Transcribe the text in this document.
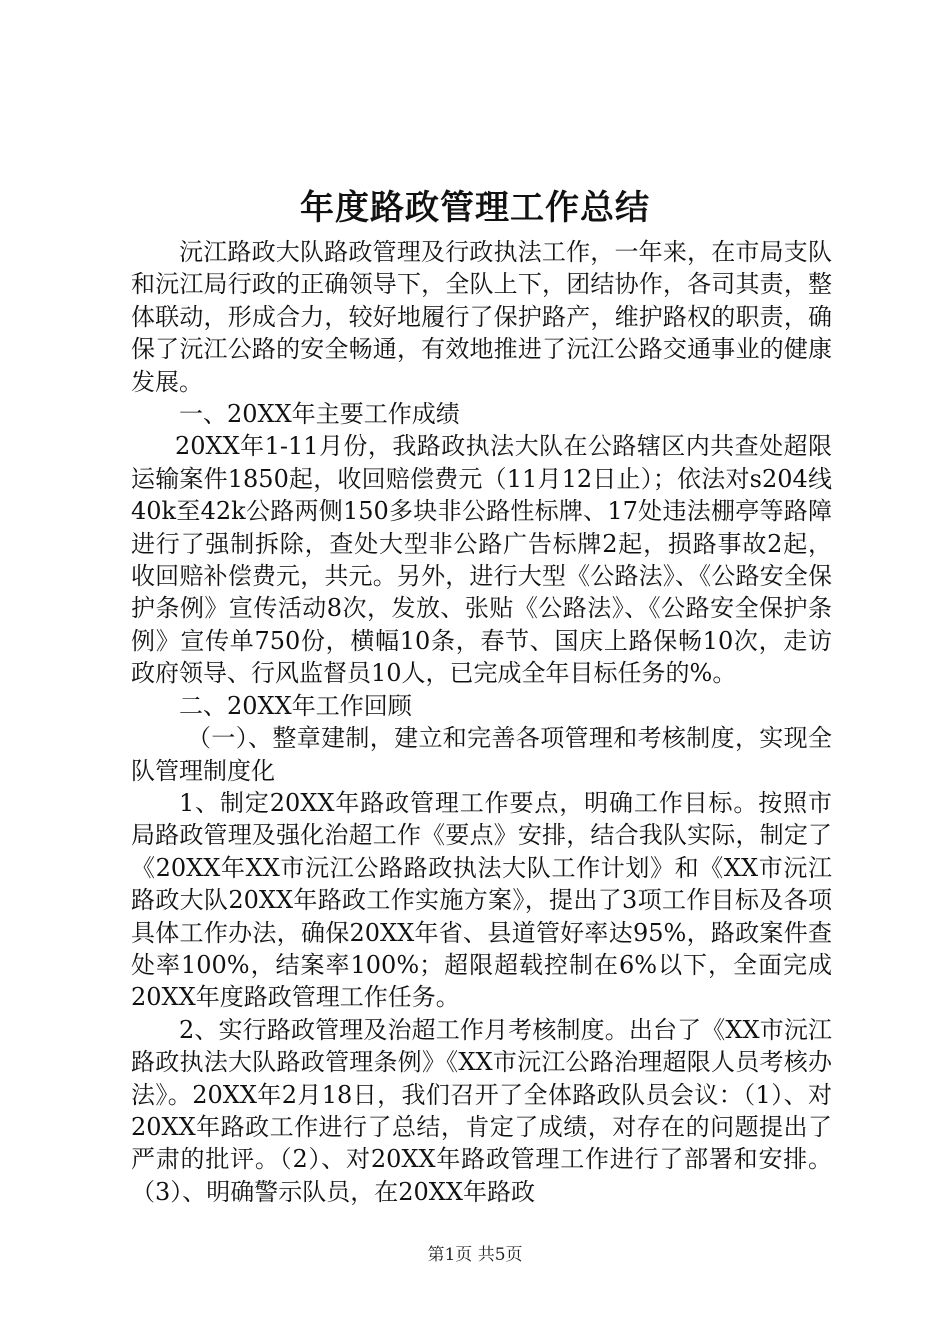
年度路政管理工作总结

沅江路政大队路政管理及行政执法工作，一年来，在市局支队和沅江局行政的正确领导下，全队上下，团结协作，各司其责，整体联动，形成合力，较好地履行了保护路产，维护路权的职责，确保了沅江公路的安全畅通，有效地推进了沅江公路交通事业的健康发展。

一、20XX年主要工作成绩

20XX年1-11月份，我路政执法大队在公路辖区内共查处超限运输案件1850起，收回赔偿费元（11月12日止）；依法对s204线40k至42k公路两侧150多块非公路性标牌、17处违法棚亭等路障进行了强制拆除，查处大型非公路广告标牌2起，损路事故2起，收回赔补偿费元，共元。另外，进行大型《公路法》、《公路安全保护条例》宣传活动8次，发放、张贴《公路法》、《公路安全保护条例》宣传单750份，横幅10条，春节、国庆上路保畅10次，走访政府领导、行风监督员10人，已完成全年目标任务的%。

二、20XX年工作回顾

（一）、整章建制，建立和完善各项管理和考核制度，实现全队管理制度化

1、制定20XX年路政管理工作要点，明确工作目标。按照市局路政管理及强化治超工作《要点》安排，结合我队实际，制定了《20XX年XX市沅江公路路政执法大队工作计划》和《XX市沅江路政大队20XX年路政工作实施方案》，提出了3项工作目标及各项具体工作办法，确保20XX年省、县道管好率达95%，路政案件查处率100%，结案率100%；超限超载控制在6%以下，全面完成20XX年度路政管理工作任务。

2、实行路政管理及治超工作月考核制度。出台了《XX市沅江路政执法大队路政管理条例》《XX市沅江公路治理超限人员考核办法》。20XX年2月18日，我们召开了全体路政队员会议：（1）、对20XX年路政工作进行了总结，肯定了成绩，对存在的问题提出了严肃的批评。（2）、对20XX年路政管理工作进行了部署和安排。（3）、明确警示队员，在20XX年路政

第1页 共5页
